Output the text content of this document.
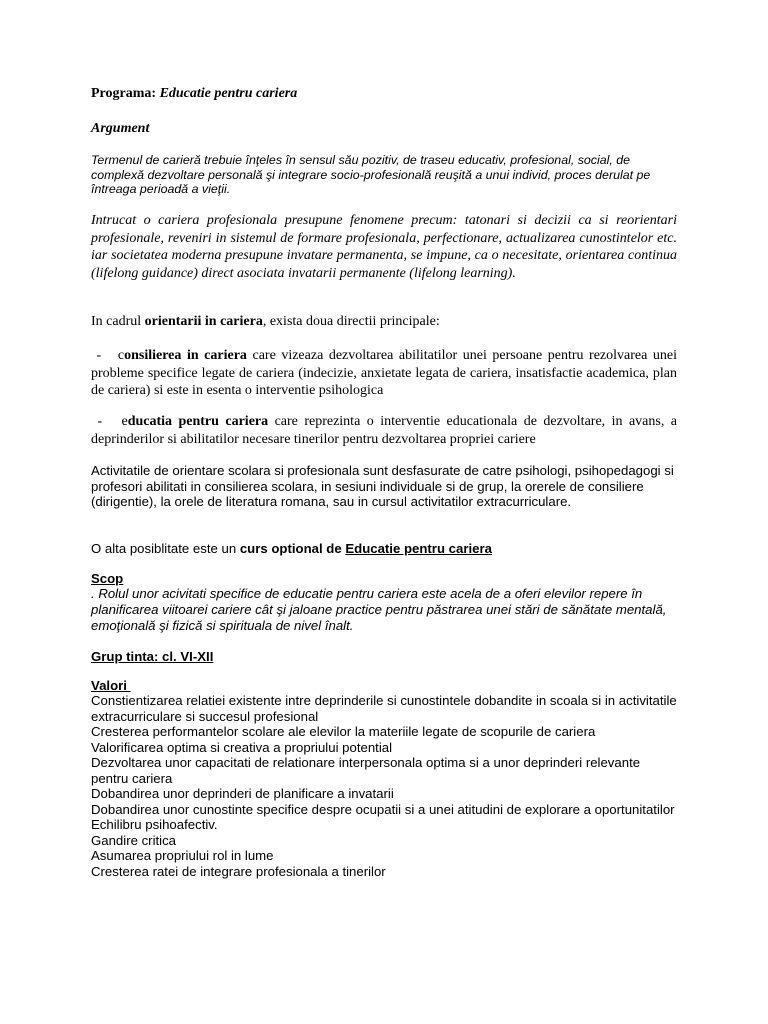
Programa: Educatie pentru cariera
Argument
Termenul de carieră trebuie înţeles în sensul său pozitiv, de traseu educativ, profesional, social, de complexă dezvoltare personală şi integrare socio-profesională reuşită a unui individ, proces derulat pe întreaga perioadă a vieţii.
Intrucat o cariera profesionala presupune fenomene precum: tatonari si decizii ca si reorientari profesionale, reveniri in sistemul de formare profesionala, perfectionare, actualizarea cunostintelor etc. iar societatea moderna presupune invatare permanenta, se impune, ca o necesitate, orientarea continua (lifelong guidance) direct asociata invatarii permanente (lifelong learning).
In cadrul orientarii in cariera, exista doua directii principale:
-   consilierea in cariera care vizeaza dezvoltarea abilitatilor unei persoane pentru rezolvarea unei probleme specifice legate de cariera (indecizie, anxietate legata de cariera, insatisfactie academica, plan de cariera) si este in esenta o interventie psihologica
-   educatia pentru cariera care reprezinta o interventie educationala de dezvoltare, in avans, a deprinderilor si abilitatilor necesare tinerilor pentru dezvoltarea propriei cariere
Activitatile de orientare scolara si profesionala sunt desfasurate de catre psihologi, psihopedagogi si profesori abilitati in consilierea scolara, in sesiuni individuale si de grup, la orerele de consiliere (dirigentie), la orele de literatura romana, sau in cursul activitatilor extracurriculare.
O alta posiblitate este un curs optional de Educatie pentru cariera
Scop
. Rolul unor acivitati specifice de educatie pentru cariera este acela de a oferi elevilor repere în planificarea viitoarei cariere cât şi jaloane practice pentru păstrarea unei stări de sănătate mentală, emoţională şi fizică si spirituala de nivel înalt.
Grup tinta: cl. VI-XII
Valori
Constientizarea relatiei existente intre deprinderile si cunostintele dobandite in scoala si in activitatile extracurriculare si succesul profesional
Cresterea performantelor scolare ale elevilor la materiile legate de scopurile de cariera
Valorificarea optima si creativa a propriului potential
Dezvoltarea unor capacitati de relationare interpersonala optima si a unor deprinderi relevante pentru cariera
Dobandirea unor deprinderi de planificare a invatarii
Dobandirea unor cunostinte specifice despre ocupatii si a unei atitudini de explorare a oportunitatilor
Echilibru psihoafectiv.
Gandire critica
Asumarea propriului rol in lume
Cresterea ratei de integrare profesionala a tinerilor
